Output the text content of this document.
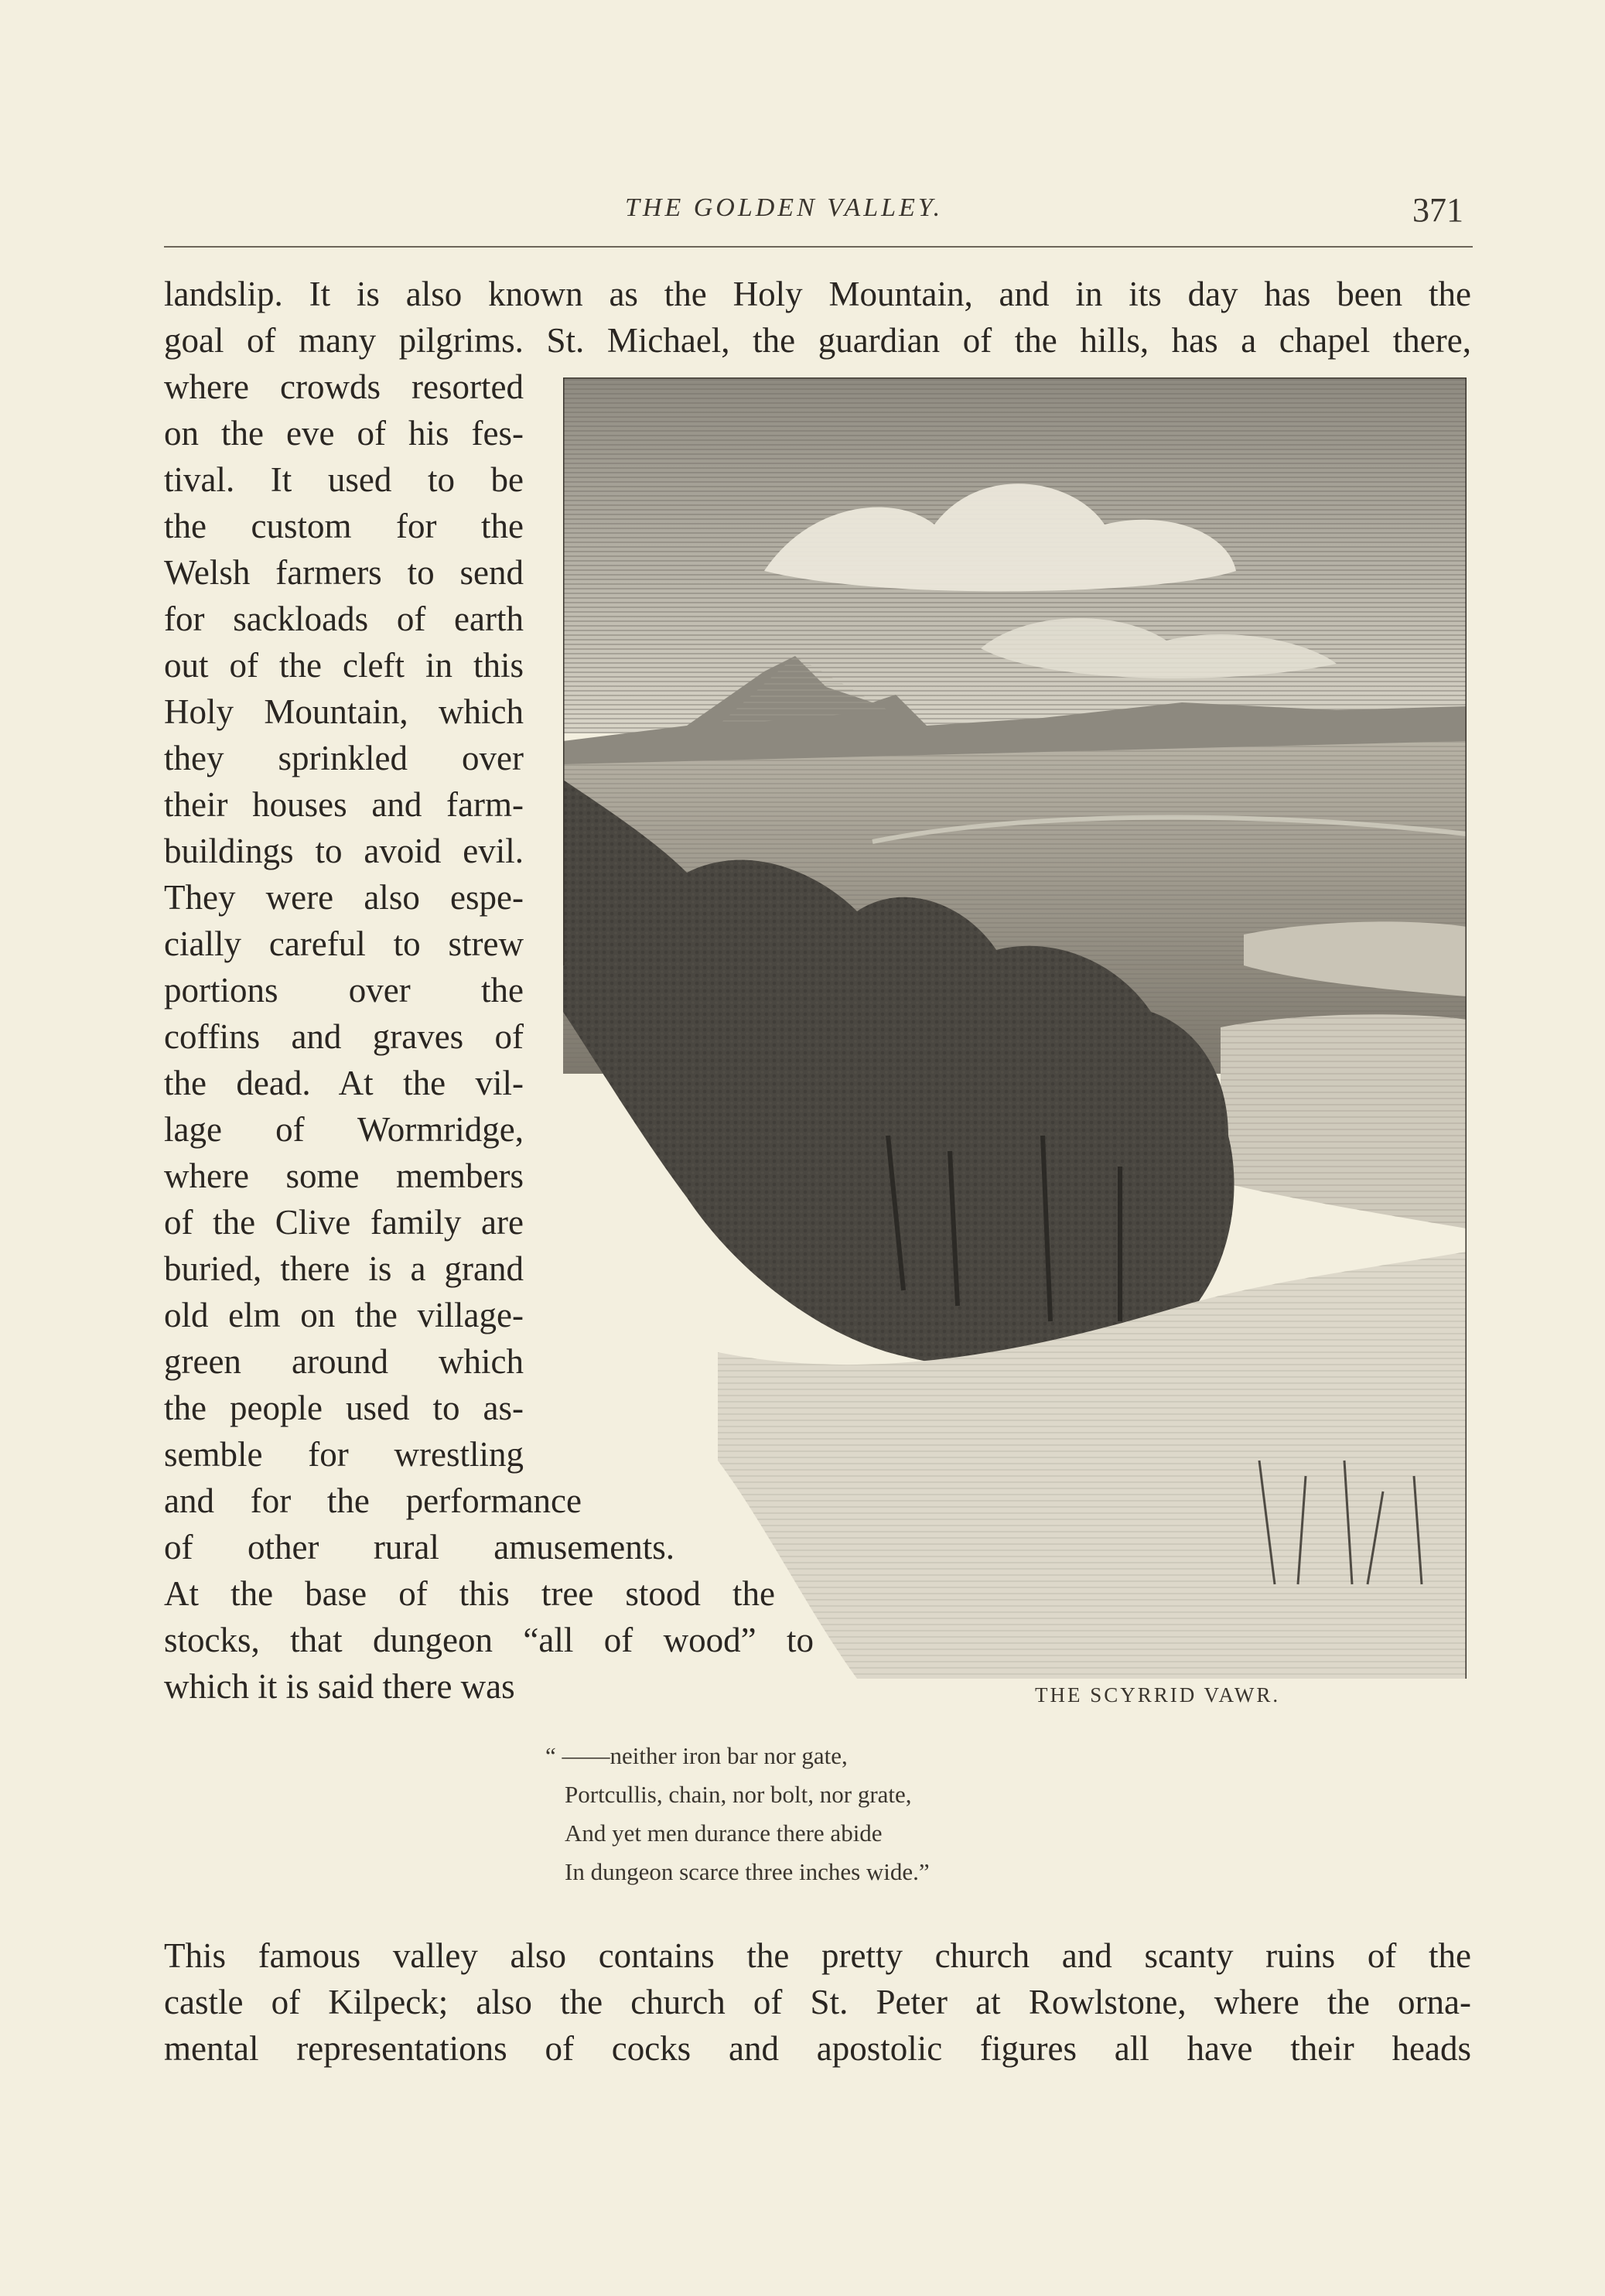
THE GOLDEN VALLEY.	371
landslip. It is also known as the Holy Mountain, and in its day has been the
goal of many pilgrims. St. Michael, the guardian of the hills, has a chapel there,
where crowds resorted
on the eve of his fes-
tival. It used to be
the custom for the
Welsh farmers to send
for sackloads of earth
out of the cleft in this
Holy Mountain, which
they sprinkled over
their houses and farm-
buildings to avoid evil.
They were also espe-
cially careful to strew
portions over the
coffins and graves of
the dead. At the vil-
lage of Wormridge,
where some members
of the Clive family are
buried, there is a grand
old elm on the village-
green around which
the people used to as-
semble for wrestling
and for the performance
of other rural amusements.
At the base of this tree stood the
stocks, that dungeon “all of wood” to
which it is said there was	THE SCYRRID VAWR.
“ ——neither iron bar nor gate,
Portcullis, chain, nor bolt, nor grate,
And yet men durance there abide
In dungeon scarce three inches wide.”
This famous valley also contains the pretty church and scanty ruins of the
castle of Kilpeck; also the church of St. Peter at Rowlstone, where the orna-
mental representations of cocks and apostolic figures all have their heads
